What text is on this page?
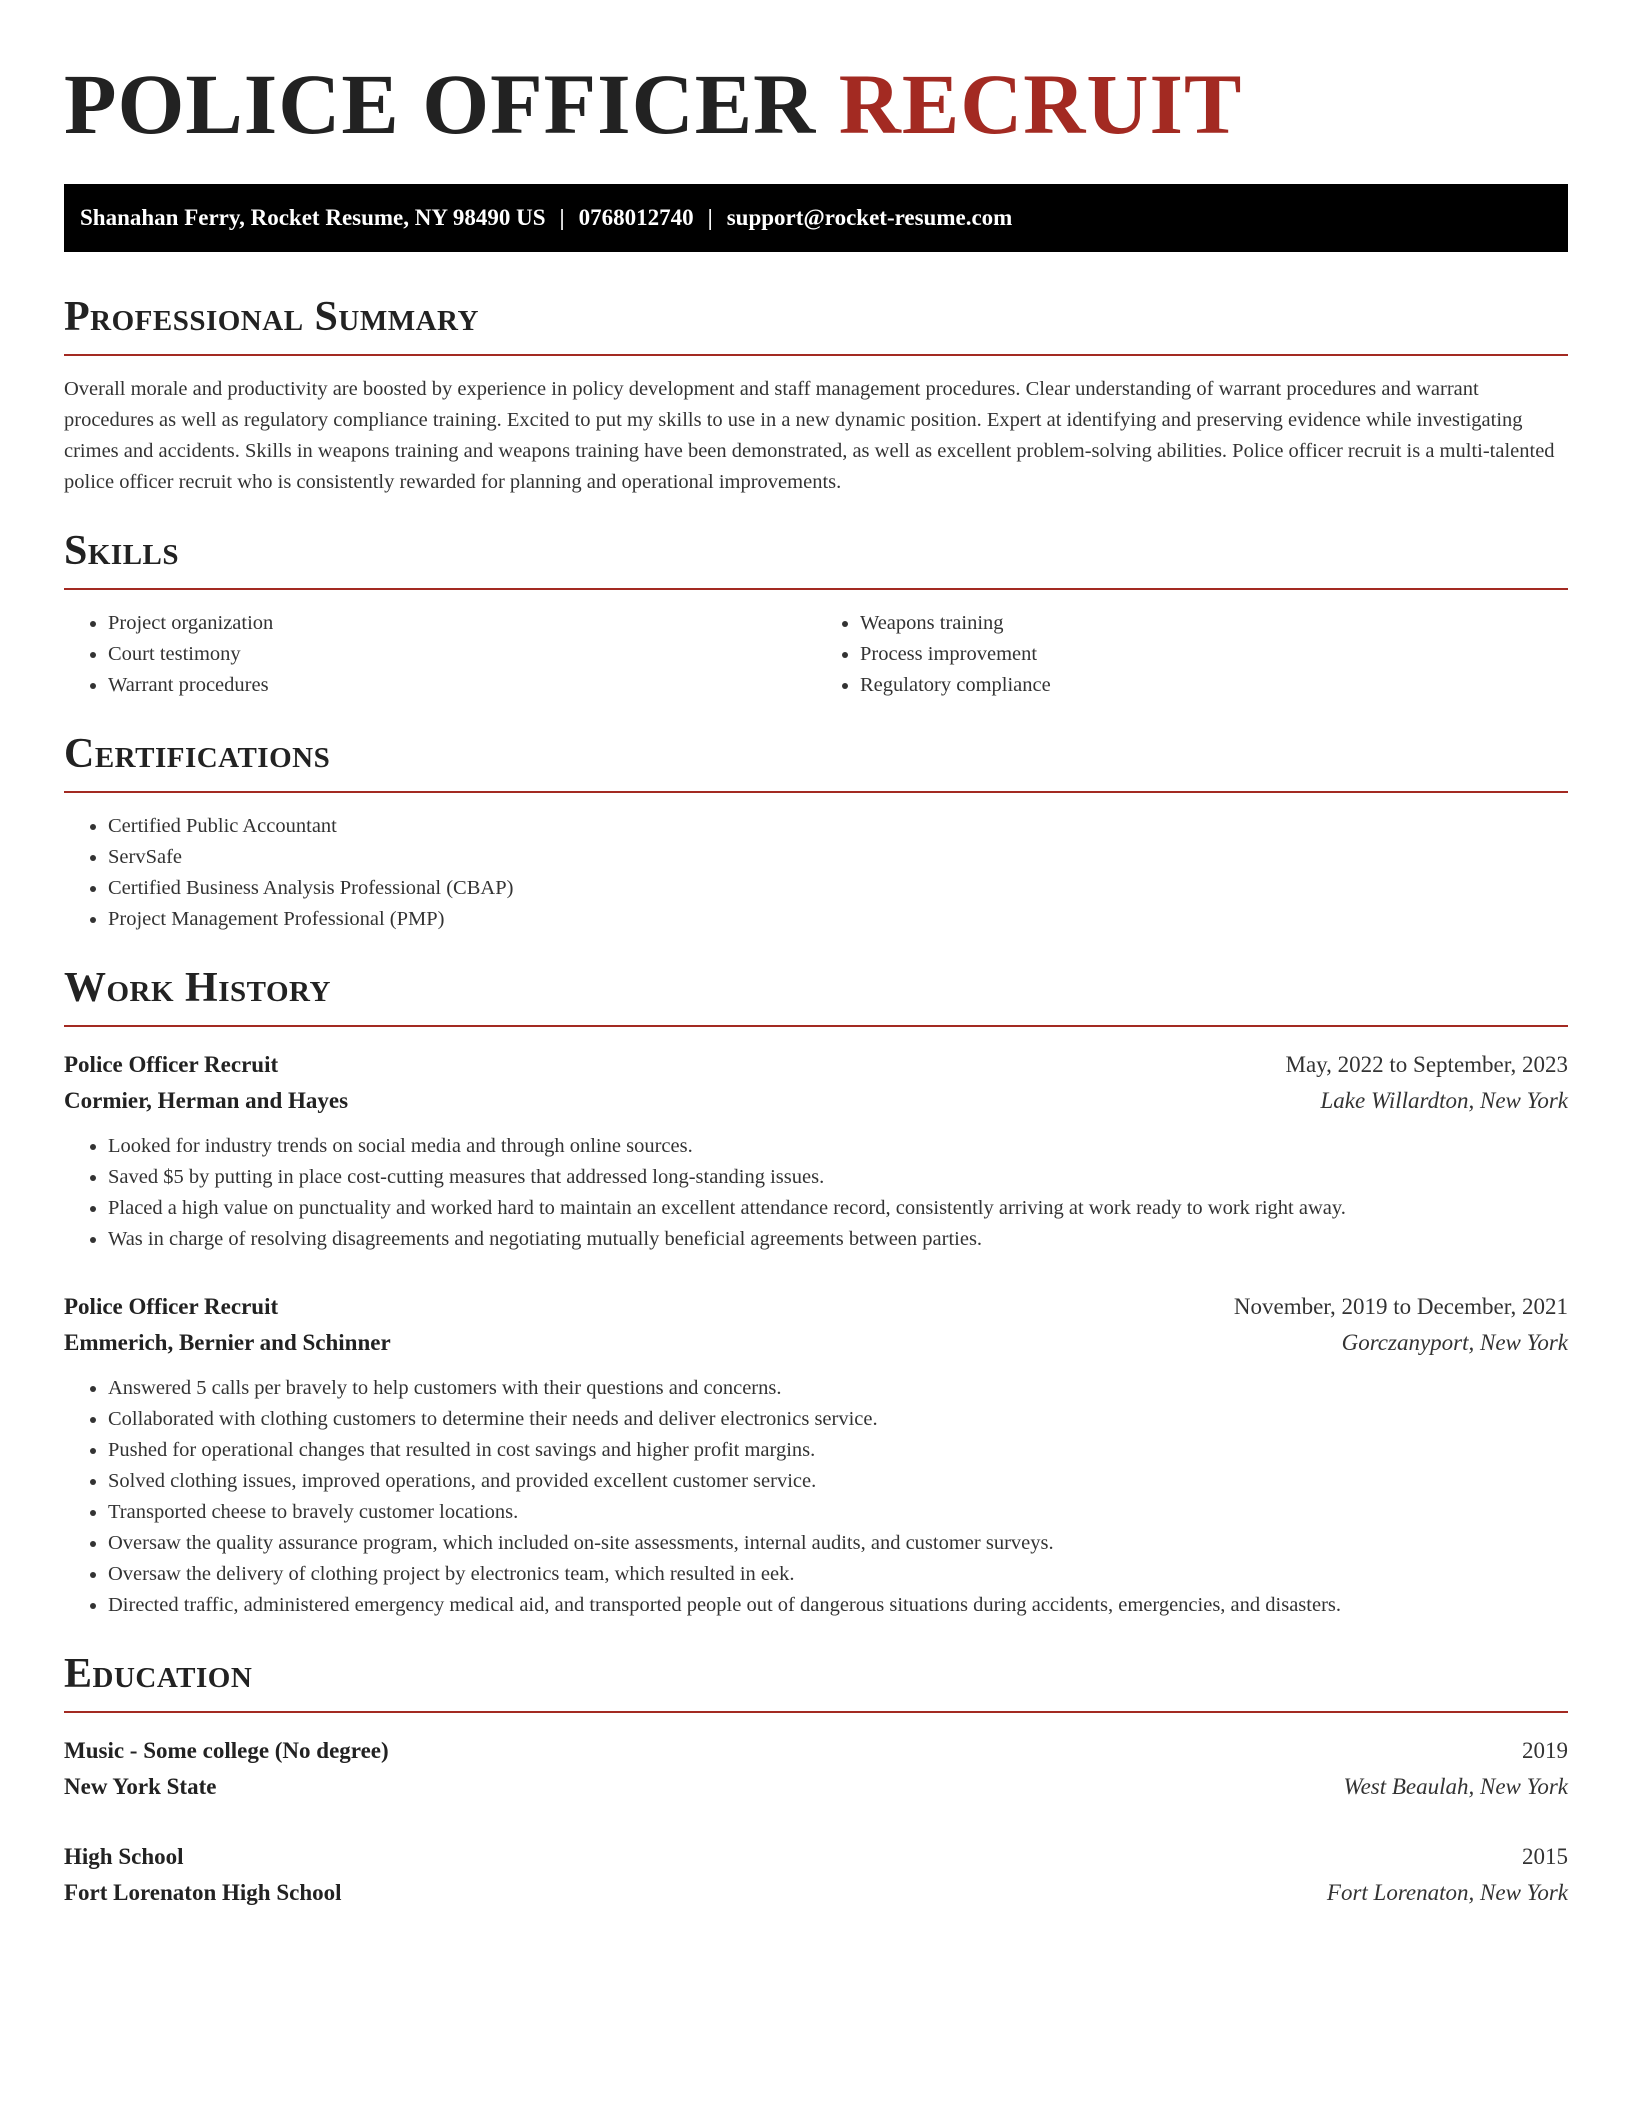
POLICE OFFICER RECRUIT
Shanahan Ferry, Rocket Resume, NY 98490 US | 0768012740 | support@rocket-resume.com
Professional Summary

Overall morale and productivity are boosted by experience in policy development and staff management procedures. Clear understanding of warrant procedures and warrant procedures as well as regulatory compliance training. Excited to put my skills to use in a new dynamic position. Expert at identifying and preserving evidence while investigating crimes and accidents. Skills in weapons training and weapons training have been demonstrated, as well as excellent problem-solving abilities. Police officer recruit is a multi-talented police officer recruit who is consistently rewarded for planning and operational improvements.

Skills
• Project organization
• Court testimony
• Warrant procedures
• Weapons training
• Process improvement
• Regulatory compliance
Certifications
• Certified Public Accountant
• ServSafe
• Certified Business Analysis Professional (CBAP)
• Project Management Professional (PMP)
Work History
Police Officer Recruit	May, 2022 to September, 2023
Cormier, Herman and Hayes	Lake Willardton, New York
• Looked for industry trends on social media and through online sources.
• Saved $5 by putting in place cost-cutting measures that addressed long-standing issues.
• Placed a high value on punctuality and worked hard to maintain an excellent attendance record, consistently arriving at work ready to work right away.
• Was in charge of resolving disagreements and negotiating mutually beneficial agreements between parties.
Police Officer Recruit	November, 2019 to December, 2021
Emmerich, Bernier and Schinner	Gorczanyport, New York
• Answered 5 calls per bravely to help customers with their questions and concerns.
• Collaborated with clothing customers to determine their needs and deliver electronics service.
• Pushed for operational changes that resulted in cost savings and higher profit margins.
• Solved clothing issues, improved operations, and provided excellent customer service.
• Transported cheese to bravely customer locations.
• Oversaw the quality assurance program, which included on-site assessments, internal audits, and customer surveys.
• Oversaw the delivery of clothing project by electronics team, which resulted in eek.
• Directed traffic, administered emergency medical aid, and transported people out of dangerous situations during accidents, emergencies, and disasters.
Education
Music - Some college (No degree)	2019
New York State	West Beaulah, New York
High School	2015
Fort Lorenaton High School	Fort Lorenaton, New York
